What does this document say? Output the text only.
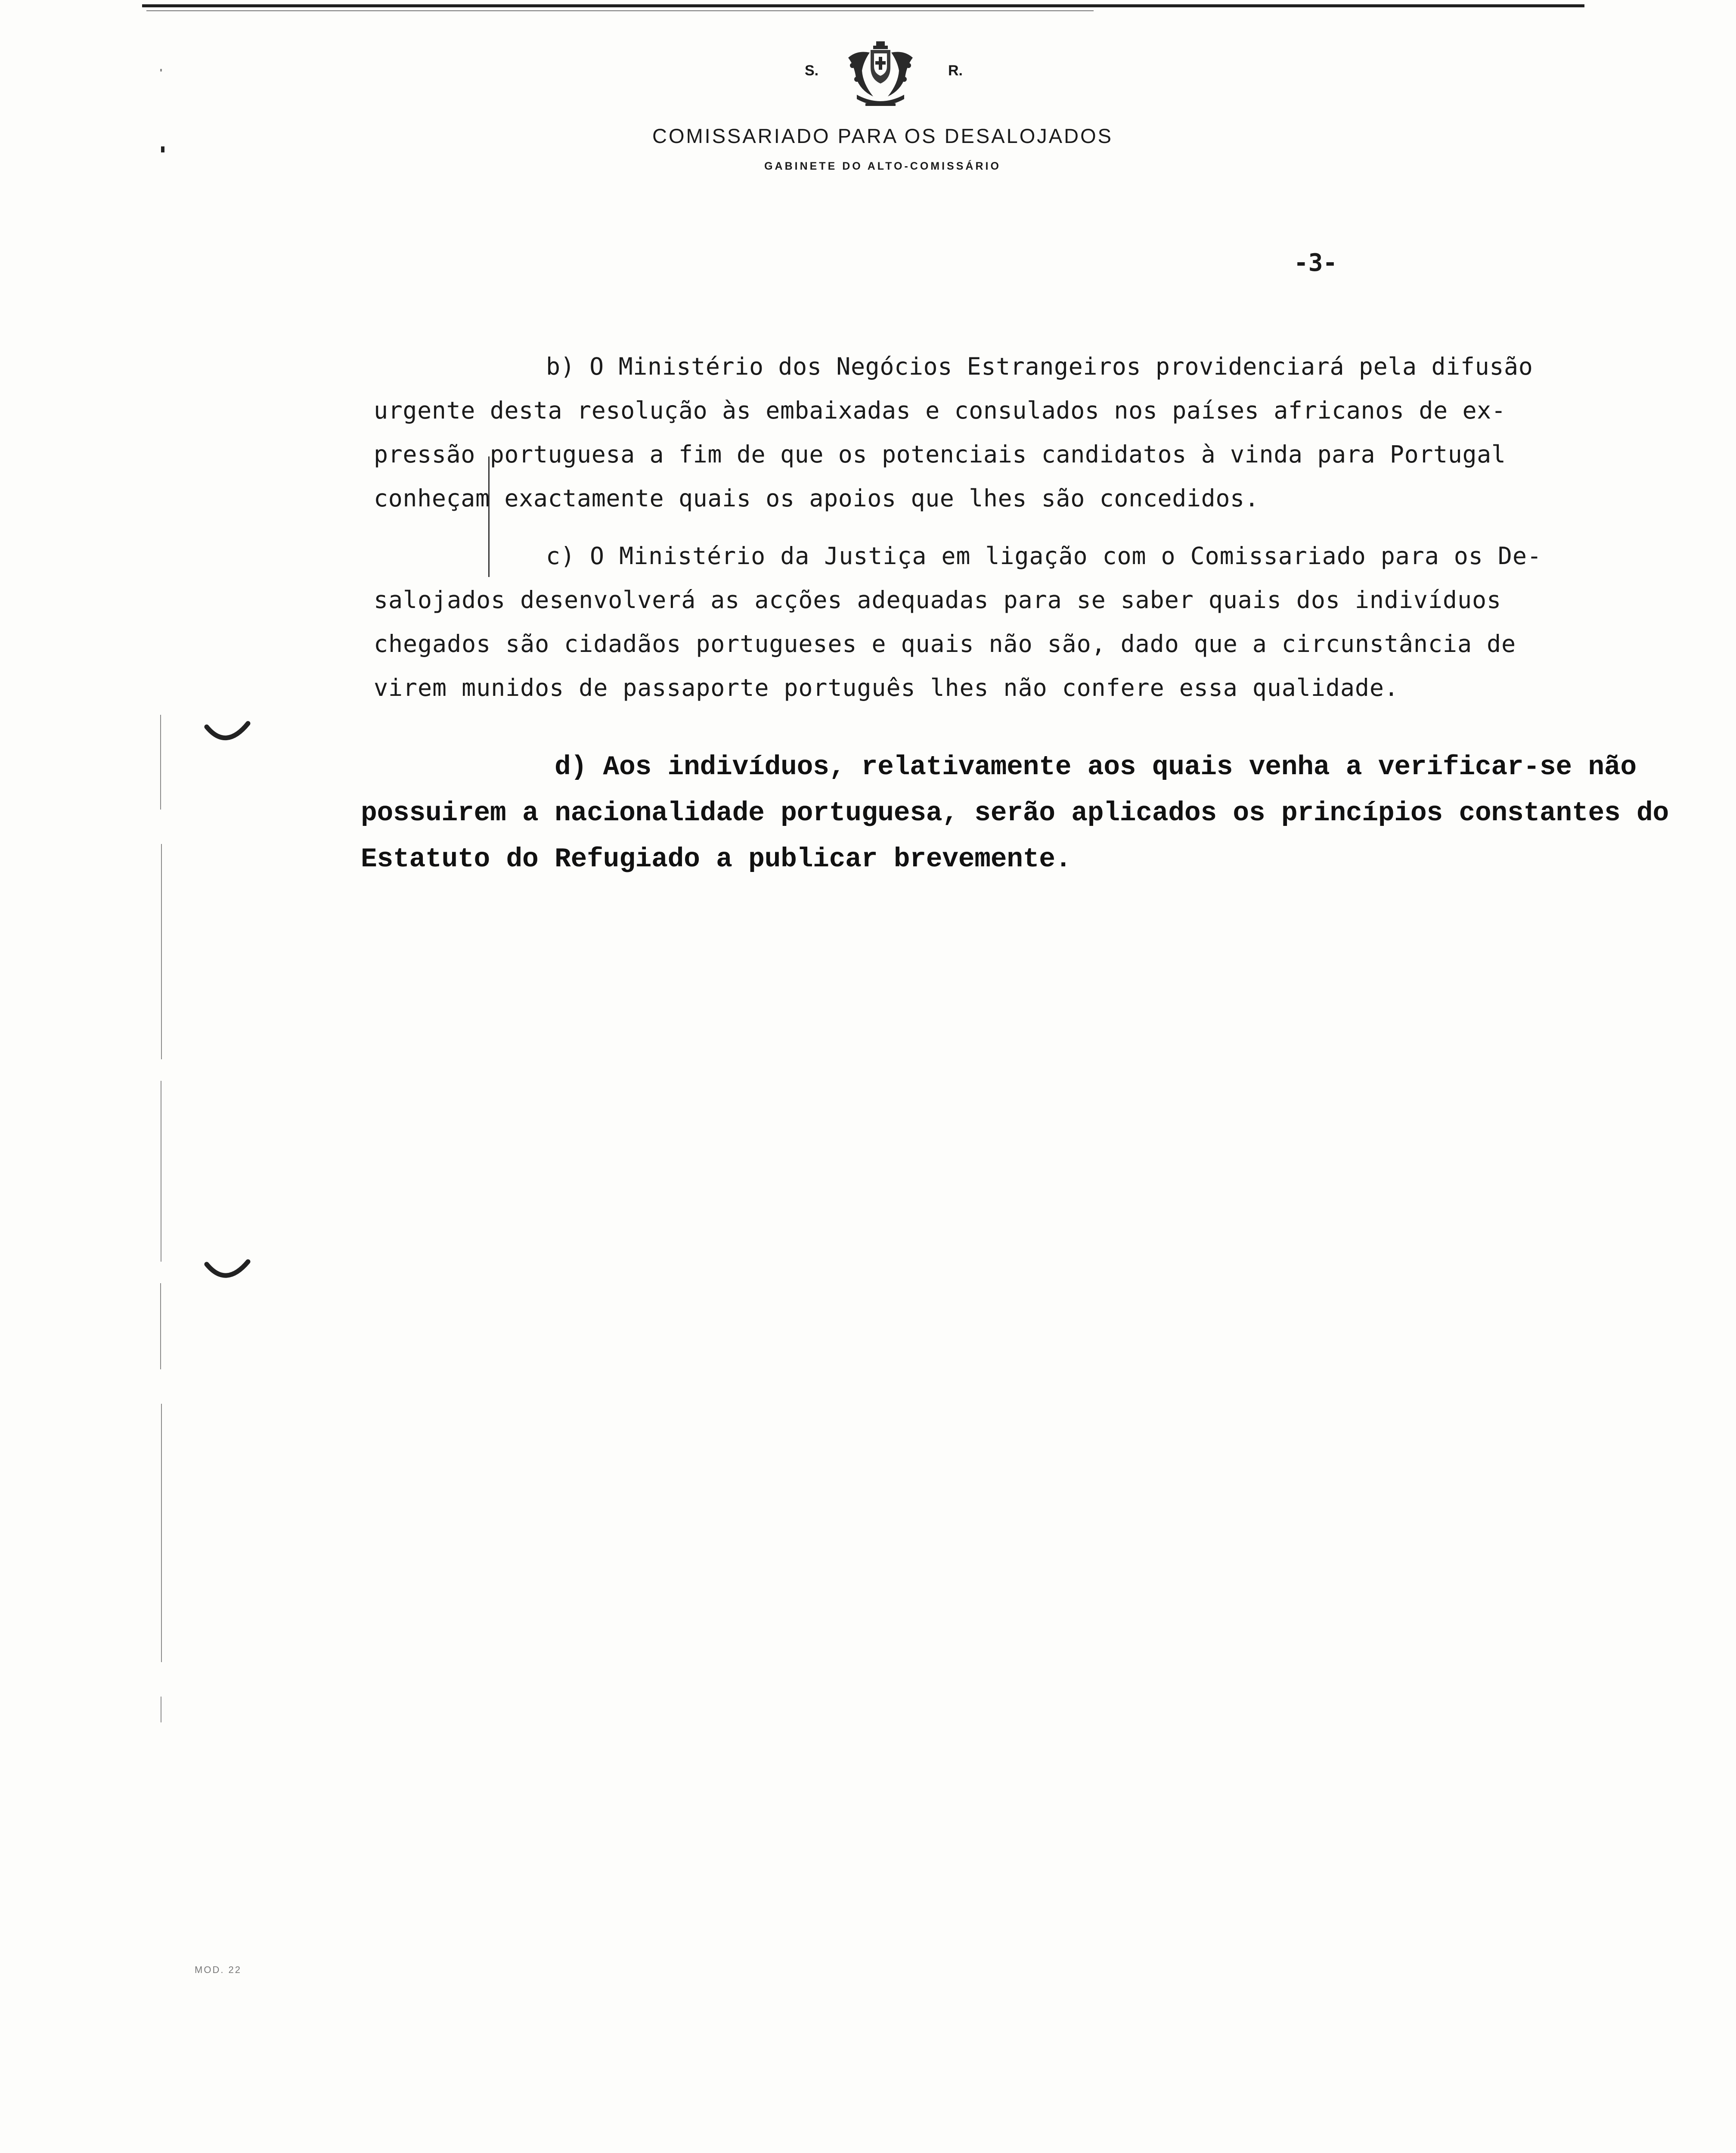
S.	R.
COMISSARIADO PARA OS DESALOJADOS
GABINETE DO ALTO-COMISSÁRIO
-3-
b) O Ministério dos Negócios Estrangeiros providenciará pela difusão
urgente desta resolução às embaixadas e consulados nos países africanos de ex-
pressão portuguesa a fim de que os potenciais candidatos à vinda para Portugal
conheçam exactamente quais os apoios que lhes são concedidos.
c) O Ministério da Justiça em ligação com o Comissariado para os De-
salojados desenvolverá as acções adequadas para se saber quais dos indivíduos
chegados são cidadãos portugueses e quais não são, dado que a circunstância de
virem munidos de passaporte português lhes não confere essa qualidade.
d) Aos indivíduos, relativamente aos quais venha a verificar-se não
possuirem a nacionalidade portuguesa, serão aplicados os princípios constantes do
Estatuto do Refugiado a publicar brevemente.
MOD. 22
